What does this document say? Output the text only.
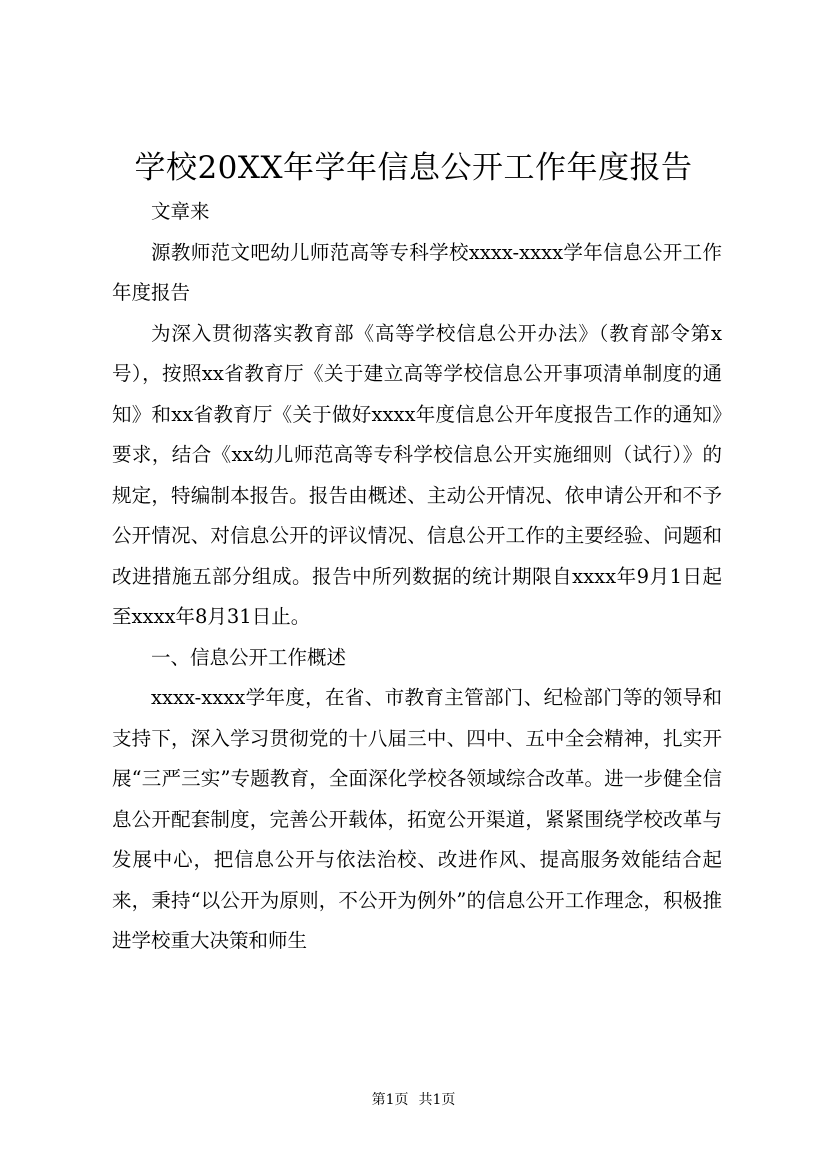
学校20XX年学年信息公开工作年度报告

文章来

源教师范文吧幼儿师范高等专科学校xxxx-xxxx学年信息公开工作年度报告

为深入贯彻落实教育部《高等学校信息公开办法》（教育部令第x号），按照xx省教育厅《关于建立高等学校信息公开事项清单制度的通知》和xx省教育厅《关于做好xxxx年度信息公开年度报告工作的通知》要求，结合《xx幼儿师范高等专科学校信息公开实施细则（试行）》的规定，特编制本报告。报告由概述、主动公开情况、依申请公开和不予公开情况、对信息公开的评议情况、信息公开工作的主要经验、问题和改进措施五部分组成。报告中所列数据的统计期限自xxxx年9月1日起至xxxx年8月31日止。

一、信息公开工作概述

xxxx-xxxx学年度，在省、市教育主管部门、纪检部门等的领导和支持下，深入学习贯彻党的十八届三中、四中、五中全会精神，扎实开展“三严三实”专题教育，全面深化学校各领域综合改革。进一步健全信息公开配套制度，完善公开载体，拓宽公开渠道，紧紧围绕学校改革与发展中心，把信息公开与依法治校、改进作风、提高服务效能结合起来，秉持“以公开为原则，不公开为例外”的信息公开工作理念，积极推进学校重大决策和师生

第1页 共1页
